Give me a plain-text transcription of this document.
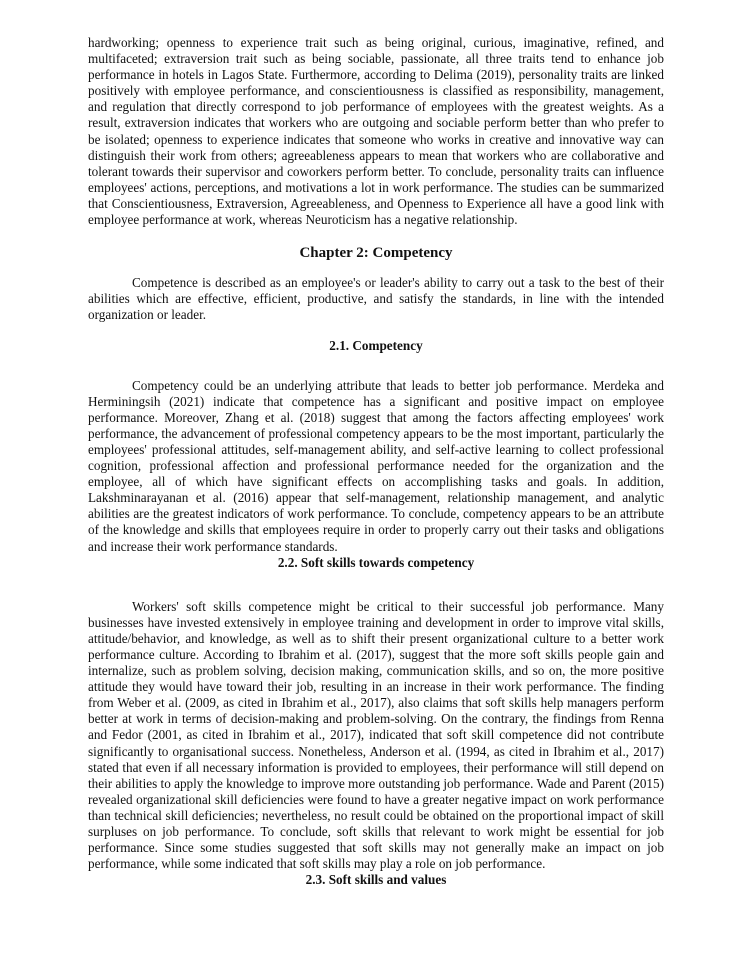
hardworking; openness to experience trait such as being original, curious, imaginative, refined, and multifaceted; extraversion trait such as being sociable, passionate, all three traits tend to enhance job performance in hotels in Lagos State. Furthermore, according to Delima (2019), personality traits are linked positively with employee performance, and conscientiousness is classified as responsibility, management, and regulation that directly correspond to job performance of employees with the greatest weights. As a result, extraversion indicates that workers who are outgoing and sociable perform better than who prefer to be isolated; openness to experience indicates that someone who works in creative and innovative way can distinguish their work from others; agreeableness appears to mean that workers who are collaborative and tolerant towards their supervisor and coworkers perform better. To conclude, personality traits can influence employees' actions, perceptions, and motivations a lot in work performance. The studies can be summarized that Conscientiousness, Extraversion, Agreeableness, and Openness to Experience all have a good link with employee performance at work, whereas Neuroticism has a negative relationship.

Chapter 2: Competency

Competence is described as an employee's or leader's ability to carry out a task to the best of their abilities which are effective, efficient, productive, and satisfy the standards, in line with the intended organization or leader.

2.1. Competency

Competency could be an underlying attribute that leads to better job performance. Merdeka and Herminingsih (2021) indicate that competence has a significant and positive impact on employee performance. Moreover, Zhang et al. (2018) suggest that among the factors affecting employees' work performance, the advancement of professional competency appears to be the most important, particularly the employees' professional attitudes, self-management ability, and self-active learning to collect professional cognition, professional affection and professional performance needed for the organization and the employee, all of which have significant effects on accomplishing tasks and goals. In addition, Lakshminarayanan et al. (2016) appear that self-management, relationship management, and analytic abilities are the greatest indicators of work performance. To conclude, competency appears to be an attribute of the knowledge and skills that employees require in order to properly carry out their tasks and obligations and increase their work performance standards.

2.2. Soft skills towards competency

Workers' soft skills competence might be critical to their successful job performance. Many businesses have invested extensively in employee training and development in order to improve vital skills, attitude/behavior, and knowledge, as well as to shift their present organizational culture to a better work performance culture. According to Ibrahim et al. (2017), suggest that the more soft skills people gain and internalize, such as problem solving, decision making, communication skills, and so on, the more positive attitude they would have toward their job, resulting in an increase in their work performance. The finding from Weber et al. (2009, as cited in Ibrahim et al., 2017), also claims that soft skills help managers perform better at work in terms of decision-making and problem-solving. On the contrary, the findings from Renna and Fedor (2001, as cited in Ibrahim et al., 2017), indicated that soft skill competence did not contribute significantly to organisational success. Nonetheless, Anderson et al. (1994, as cited in Ibrahim et al., 2017) stated that even if all necessary information is provided to employees, their performance will still depend on their abilities to apply the knowledge to improve more outstanding job performance. Wade and Parent (2015) revealed organizational skill deficiencies were found to have a greater negative impact on work performance than technical skill deficiencies; nevertheless, no result could be obtained on the proportional impact of skill surpluses on job performance. To conclude, soft skills that relevant to work might be essential for job performance. Since some studies suggested that soft skills may not generally make an impact on job performance, while some indicated that soft skills may play a role on job performance.

2.3. Soft skills and values
